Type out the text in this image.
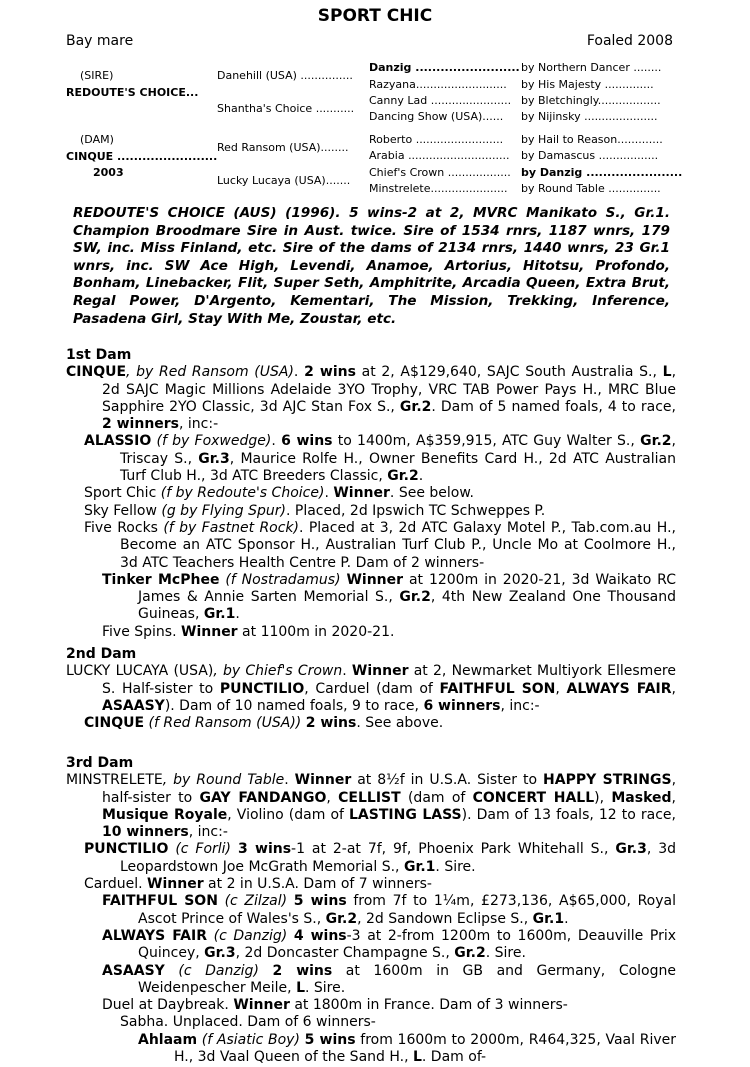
SPORT CHIC
Bay mare	Foaled 2008
(SIRE)
REDOUTE'S CHOICE...
Danehill (USA) ...............
Shantha's Choice ...........
Danzig ......................... by Northern Dancer ........
Razyana.......................... by His Majesty ..............
Canny Lad ....................... by Bletchingly..................
Dancing Show (USA)...... by Nijinsky .....................
(DAM)
CINQUE ........................
2003
Red Ransom (USA)........
Lucky Lucaya (USA).......
Roberto ......................... by Hail to Reason.............
Arabia ............................. by Damascus .................
Chief's Crown .................. by Danzig .......................
Minstrelete...................... by Round Table ...............
REDOUTE'S CHOICE (AUS) (1996). 5 wins-2 at 2, MVRC Manikato S., Gr.1. Champion Broodmare Sire in Aust. twice. Sire of 1534 rnrs, 1187 wnrs, 179 SW, inc. Miss Finland, etc. Sire of the dams of 2134 rnrs, 1440 wnrs, 23 Gr.1 wnrs, inc. SW Ace High, Levendi, Anamoe, Artorius, Hitotsu, Profondo, Bonham, Linebacker, Flit, Super Seth, Amphitrite, Arcadia Queen, Extra Brut, Regal Power, D'Argento, Kementari, The Mission, Trekking, Inference, Pasadena Girl, Stay With Me, Zoustar, etc.
1st Dam
CINQUE, by Red Ransom (USA). 2 wins at 2, A$129,640, SAJC South Australia S., L, 2d SAJC Magic Millions Adelaide 3YO Trophy, VRC TAB Power Pays H., MRC Blue Sapphire 2YO Classic, 3d AJC Stan Fox S., Gr.2. Dam of 5 named foals, 4 to race, 2 winners, inc:-
ALASSIO (f by Foxwedge). 6 wins to 1400m, A$359,915, ATC Guy Walter S., Gr.2, Triscay S., Gr.3, Maurice Rolfe H., Owner Benefits Card H., 2d ATC Australian Turf Club H., 3d ATC Breeders Classic, Gr.2.
Sport Chic (f by Redoute's Choice). Winner. See below.
Sky Fellow (g by Flying Spur). Placed, 2d Ipswich TC Schweppes P.
Five Rocks (f by Fastnet Rock). Placed at 3, 2d ATC Galaxy Motel P., Tab.com.au H., Become an ATC Sponsor H., Australian Turf Club P., Uncle Mo at Coolmore H., 3d ATC Teachers Health Centre P. Dam of 2 winners-
Tinker McPhee (f Nostradamus) Winner at 1200m in 2020-21, 3d Waikato RC James & Annie Sarten Memorial S., Gr.2, 4th New Zealand One Thousand Guineas, Gr.1.
Five Spins. Winner at 1100m in 2020-21.
2nd Dam
LUCKY LUCAYA (USA), by Chief's Crown. Winner at 2, Newmarket Multiyork Ellesmere S. Half-sister to PUNCTILIO, Carduel (dam of FAITHFUL SON, ALWAYS FAIR, ASAASY). Dam of 10 named foals, 9 to race, 6 winners, inc:-
CINQUE (f Red Ransom (USA)) 2 wins. See above.
3rd Dam
MINSTRELETE, by Round Table. Winner at 8½f in U.S.A. Sister to HAPPY STRINGS, half-sister to GAY FANDANGO, CELLIST (dam of CONCERT HALL), Masked, Musique Royale, Violino (dam of LASTING LASS). Dam of 13 foals, 12 to race, 10 winners, inc:-
PUNCTILIO (c Forli) 3 wins-1 at 2-at 7f, 9f, Phoenix Park Whitehall S., Gr.3, 3d Leopardstown Joe McGrath Memorial S., Gr.1. Sire.
Carduel. Winner at 2 in U.S.A. Dam of 7 winners-
FAITHFUL SON (c Zilzal) 5 wins from 7f to 1¼m, £273,136, A$65,000, Royal Ascot Prince of Wales's S., Gr.2, 2d Sandown Eclipse S., Gr.1.
ALWAYS FAIR (c Danzig) 4 wins-3 at 2-from 1200m to 1600m, Deauville Prix Quincey, Gr.3, 2d Doncaster Champagne S., Gr.2. Sire.
ASAASY (c Danzig) 2 wins at 1600m in GB and Germany, Cologne Weidenpescher Meile, L. Sire.
Duel at Daybreak. Winner at 1800m in France. Dam of 3 winners-
Sabha. Unplaced. Dam of 6 winners-
Ahlaam (f Asiatic Boy) 5 wins from 1600m to 2000m, R464,325, Vaal River H., 3d Vaal Queen of the Sand H., L. Dam of-
